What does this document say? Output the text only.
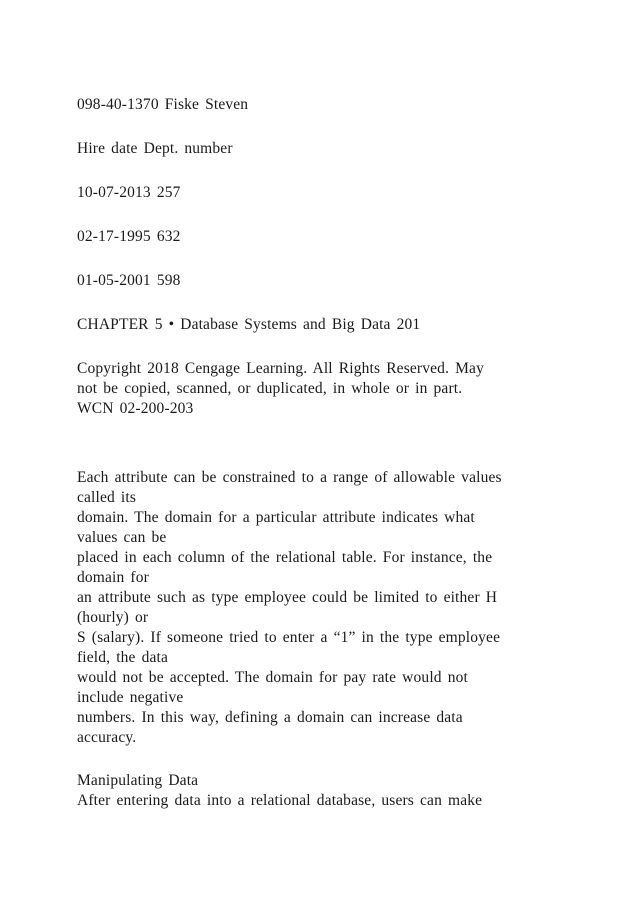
098-40-1370 Fiske Steven
Hire date Dept. number
10-07-2013 257
02-17-1995 632
01-05-2001 598
CHAPTER 5 • Database Systems and Big Data 201
Copyright 2018 Cengage Learning. All Rights Reserved. May
not be copied, scanned, or duplicated, in whole or in part.
WCN 02-200-203
Each attribute can be constrained to a range of allowable values
called its
domain. The domain for a particular attribute indicates what
values can be
placed in each column of the relational table. For instance, the
domain for
an attribute such as type employee could be limited to either H
(hourly) or
S (salary). If someone tried to enter a “1” in the type employee
field, the data
would not be accepted. The domain for pay rate would not
include negative
numbers. In this way, defining a domain can increase data
accuracy.
Manipulating Data
After entering data into a relational database, users can make
